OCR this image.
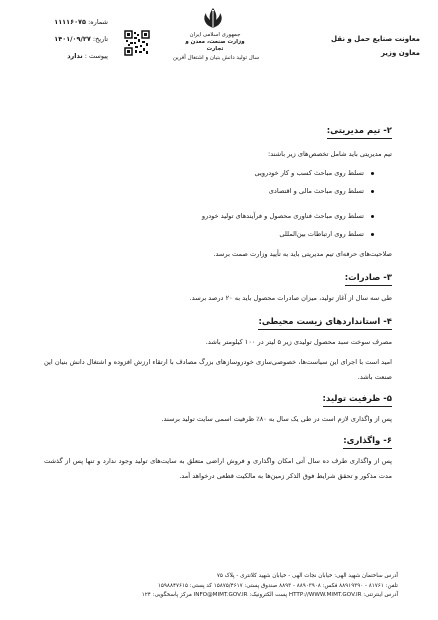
معاونت صنایع حمل و نقل
معاون وزیر
جمهوری اسلامی ایران
وزارت صنعت، معدن و تجارت
سال تولید دانش بنیان و اشتغال آفرین
شماره: ۱۱۱۱۶۰۷۵
تاریخ: ۱۴۰۱/۰۹/۲۷
پیوست : ندارد
۲- تیم مدیریتی:
تیم مدیریتی باید شامل تخصص‌های زیر باشند:
تسلط روی مباحث کسب و کار خودرویی
تسلط روی مباحث مالی و اقتصادی
تسلط روی مباحث فناوری محصول و فرآیندهای تولید خودرو
تسلط روی ارتباطات بین‌المللی
صلاحیت‌های حرفه‌ای تیم مدیریتی باید به تأیید وزارت صمت برسد.
۳- صادرات:
طی سه سال از آغاز تولید، میزان صادرات محصول باید به ۲۰ درصد برسد.
۴- استانداردهای زیست محیطی:
مصرف سوخت سبد محصول تولیدی زیر ۵ لیتر در ۱۰۰ کیلومتر باشد.
امید است با اجرای این سیاست‌ها، خصوصی‌سازی خودروسازهای بزرگ مصادف با ارتقاء ارزش افزوده و اشتغال دانش بنیان این صنعت باشد.
۵- ظرفیت تولید:
پس از واگذاری لازم است در طی یک سال به ۸۰٪ ظرفیت اسمی سایت تولید برسند.
۶- واگذاری:
پس از واگذاری طرف ده سال آتی امکان واگذاری و فروش اراضی متعلق به سایت‌های تولید وجود ندارد و تنها پس از گذشت مدت مذکور و تحقق شرایط فوق الذکر زمین‌ها به مالکیت قطعی درخواهد آمد.
آدرس ساختمان شهید الهی: خیابان نجات الهی - خیابان شهید کلانتری - پلاک ۷۵
تلفن: ۸۱۷۶۱ - ۸۸۹۱۹۳۹۰ فکس: ۸۸۹۰۳۹۰۸ - ۸۸۹۳ صندوق پستی: ۱۵۸۷۵/۴۶۱۷ کد پستی: ۱۵۹۸۸۴۷۶۱۵
آدرس اینترنتی: HTTP://WWW.MIMT.GOV.IR پست الکترونیک: INFO@MIMT.GOV.IR مرکز پاسخگویی: ۱۲۴
